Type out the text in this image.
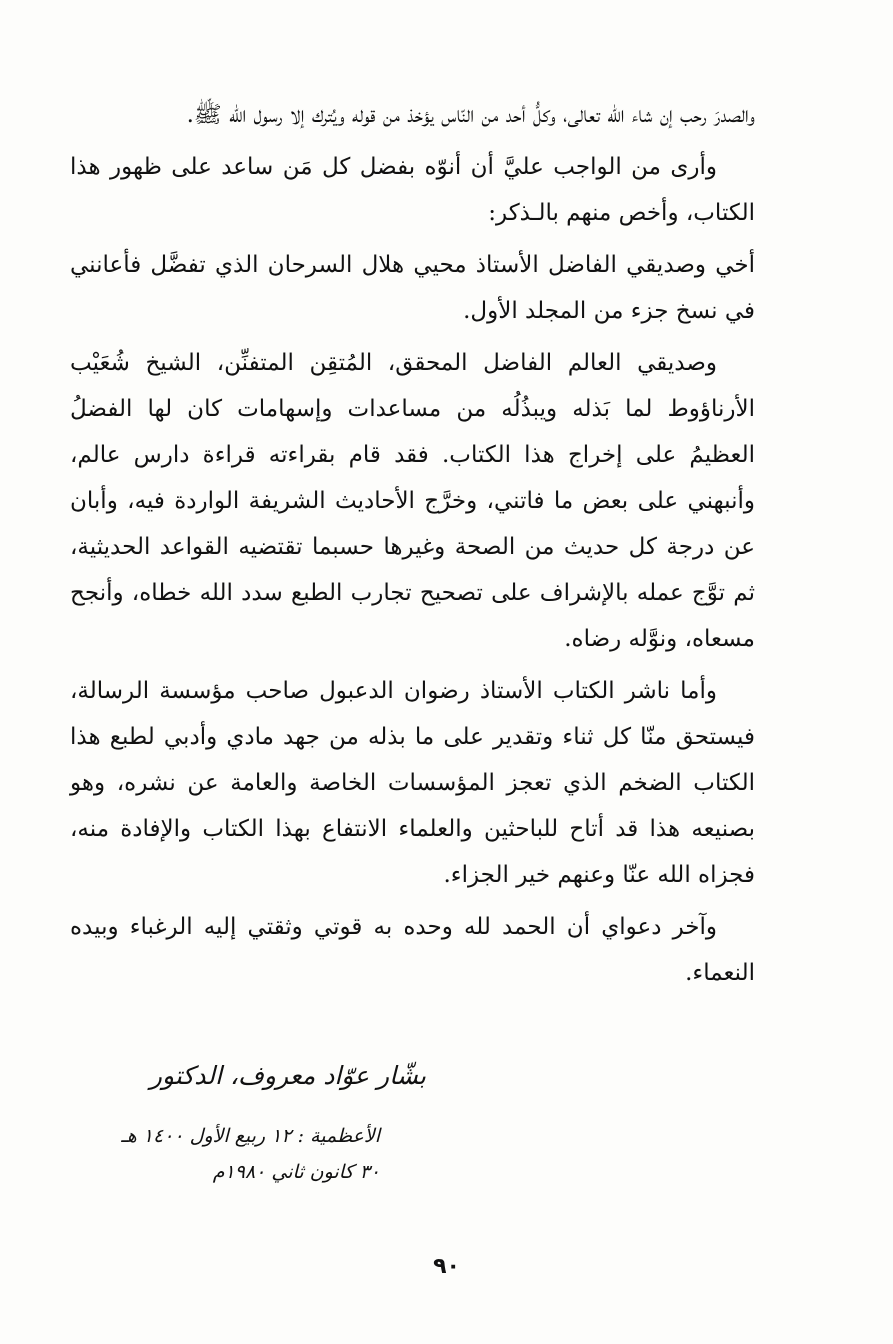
والصدرَ رحب إن شاء الله تعالى، وكلُّ أحد من النّاس يؤخذ من قوله ويُترك إلا رسول الله ﷺ.

وأرى من الواجب عليَّ أن أنوّه بفضل كل مَن ساعد على ظهور هذا الكتاب، وأخص منهم بالـذكر:

أخي وصديقي الفاضل الأستاذ محيي هلال السرحان الذي تفضَّل فأعانني في نسخ جزء من المجلد الأول.

وصديقي العالم الفاضل المحقق، المُتقِن المتفنِّن، الشيخ شُعَيْب الأرناؤوط لما بَذله ويبذُلُه من مساعدات وإسهامات كان لها الفضلُ العظيمُ على إخراج هذا الكتاب. فقد قام بقراءته قراءة دارس عالم، وأنبهني على بعض ما فاتني، وخرَّج الأحاديث الشريفة الواردة فيه، وأبان عن درجة كل حديث من الصحة وغيرها حسبما تقتضيه القواعد الحديثية، ثم توَّج عمله بالإشراف على تصحيح تجارب الطبع سدد الله خطاه، وأنجح مسعاه، ونوَّله رضاه.

وأما ناشر الكتاب الأستاذ رضوان الدعبول صاحب مؤسسة الرسالة، فيستحق منّا كل ثناء وتقدير على ما بذله من جهد مادي وأدبي لطبع هذا الكتاب الضخم الذي تعجز المؤسسات الخاصة والعامة عن نشره، وهو بصنيعه هذا قد أتاح للباحثين والعلماء الانتفاع بهذا الكتاب والإفادة منه، فجزاه الله عنّا وعنهم خير الجزاء.

وآخر دعواي أن الحمد لله وحده به قوتي وثقتي إليه الرغباء وبيده النعماء.

بشّار عوّاد معروف، الدكتور
الأعظمية : ١٢ ربيع الأول ١٤٠٠ هـ
٣٠ كانون ثاني ١٩٨٠م
٩٠
